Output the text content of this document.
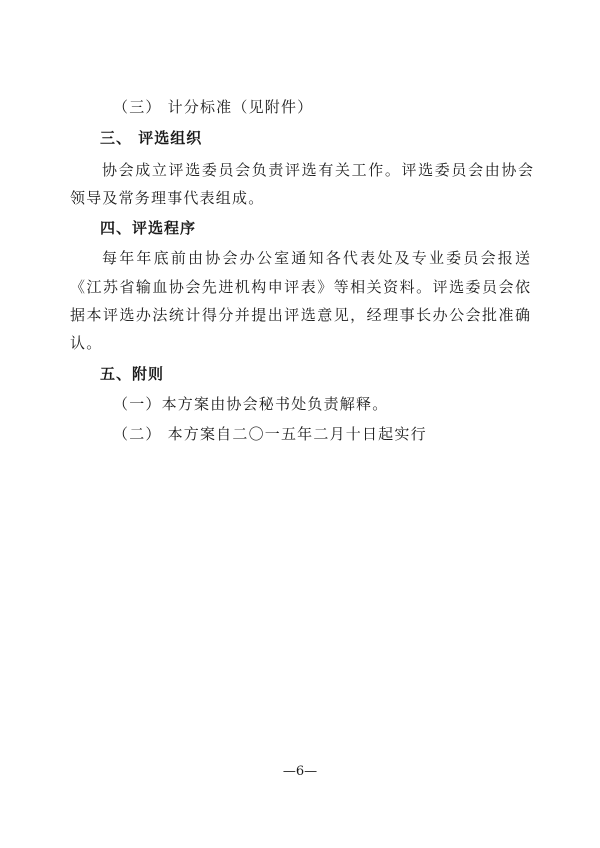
（三） 计分标准（见附件）
三、 评选组织
协会成立评选委员会负责评选有关工作。评选委员会由协会
领导及常务理事代表组成。
四、评选程序
每年年底前由协会办公室通知各代表处及专业委员会报送
《江苏省输血协会先进机构申评表》等相关资料。评选委员会依
据本评选办法统计得分并提出评选意见，经理事长办公会批准确
认。
五、附则
（一）本方案由协会秘书处负责解释。
（二） 本方案自二〇一五年二月十日起实行
—6—
